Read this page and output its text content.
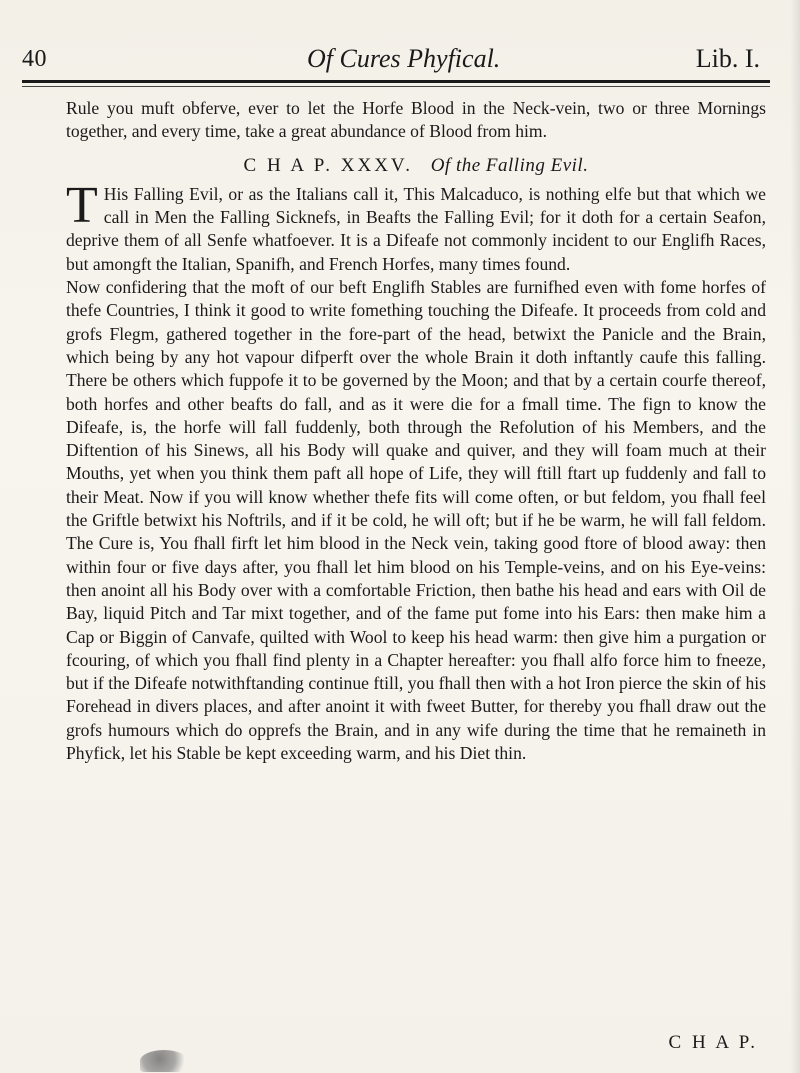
40	Of Cures Phyfical.	Lib. I.

Rule you muft obferve, ever to let the Horfe Blood in the Neck-vein, two or three Mornings together, and every time, take a great abundance of Blood from him.

C H A P. XXXV. Of the Falling Evil.

T His Falling Evil, or as the Italians call it, This Malcaduco, is nothing elfe but that which we call in Men the Falling Sicknefs, in Beafts the Falling Evil; for it doth for a certain Seafon, deprive them of all Senfe whatfoever. It is a Difeafe not commonly incident to our Englifh Races, but amongft the Italian, Spanifh, and French Horfes, many times found.

Now confidering that the moft of our beft Englifh Stables are furnifhed even with fome horfes of thefe Countries, I think it good to write fomething touching the Difeafe. It proceeds from cold and grofs Flegm, gathered together in the fore-part of the head, betwixt the Panicle and the Brain, which being by any hot vapour difperft over the whole Brain it doth inftantly caufe this falling. There be others which fuppofe it to be governed by the Moon; and that by a certain courfe thereof, both horfes and other beafts do fall, and as it were die for a fmall time. The fign to know the Difeafe, is, the horfe will fall fuddenly, both through the Refolution of his Members, and the Diftention of his Sinews, all his Body will quake and quiver, and they will foam much at their Mouths, yet when you think them paft all hope of Life, they will ftill ftart up fuddenly and fall to their Meat. Now if you will know whether thefe fits will come often, or but feldom, you fhall feel the Griftle betwixt his Noftrils, and if it be cold, he will oft; but if he be warm, he will fall feldom. The Cure is, You fhall firft let him blood in the Neck vein, taking good ftore of blood away: then within four or five days after, you fhall let him blood on his Temple-veins, and on his Eye-veins: then anoint all his Body over with a comfortable Friction, then bathe his head and ears with Oil de Bay, liquid Pitch and Tar mixt together, and of the fame put fome into his Ears: then make him a Cap or Biggin of Canvafe, quilted with Wool to keep his head warm: then give him a purgation or fcouring, of which you fhall find plenty in a Chapter hereafter: you fhall alfo force him to fneeze, but if the Difeafe notwithftanding continue ftill, you fhall then with a hot Iron pierce the skin of his Forehead in divers places, and after anoint it with fweet Butter, for thereby you fhall draw out the grofs humours which do opprefs the Brain, and in any wife during the time that he remaineth in Phyfick, let his Stable be kept exceeding warm, and his Diet thin.

C H A P.
